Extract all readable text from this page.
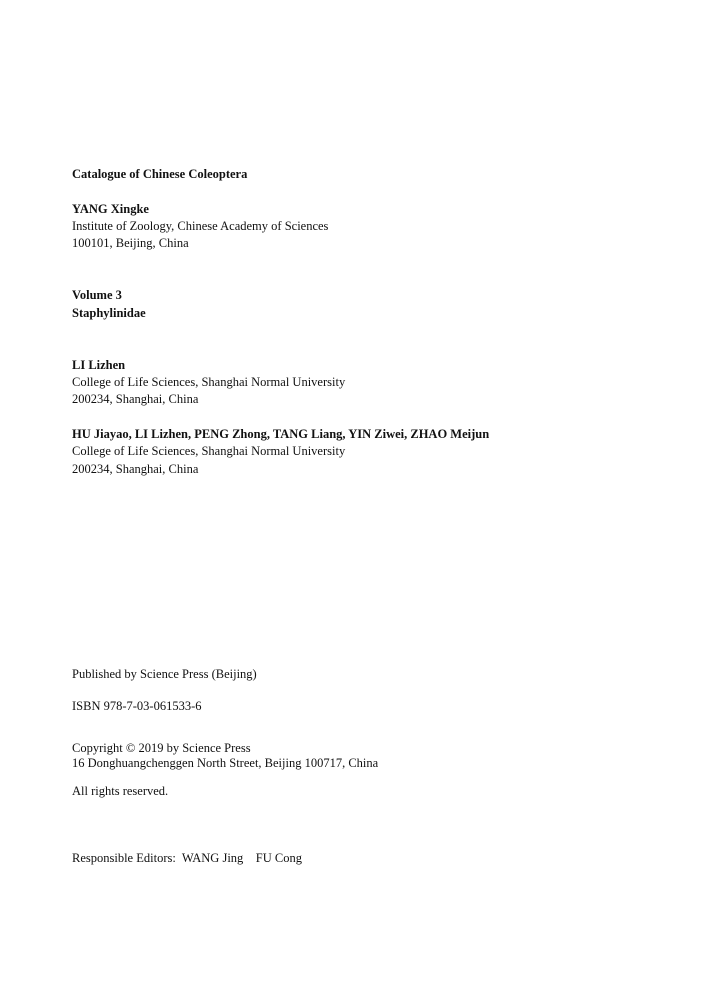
Catalogue of Chinese Coleoptera

YANG Xingke

Institute of Zoology, Chinese Academy of Sciences

100101, Beijing, China

Volume 3

Staphylinidae

LI Lizhen

College of Life Sciences, Shanghai Normal University

200234, Shanghai, China

HU Jiayao, LI Lizhen, PENG Zhong, TANG Liang, YIN Ziwei, ZHAO Meijun

College of Life Sciences, Shanghai Normal University

200234, Shanghai, China

Published by Science Press (Beijing)

ISBN 978-7-03-061533-6

Copyright © 2019 by Science Press

16 Donghuangchenggen North Street, Beijing 100717, China

All rights reserved.

Responsible Editors:  WANG Jing    FU Cong
